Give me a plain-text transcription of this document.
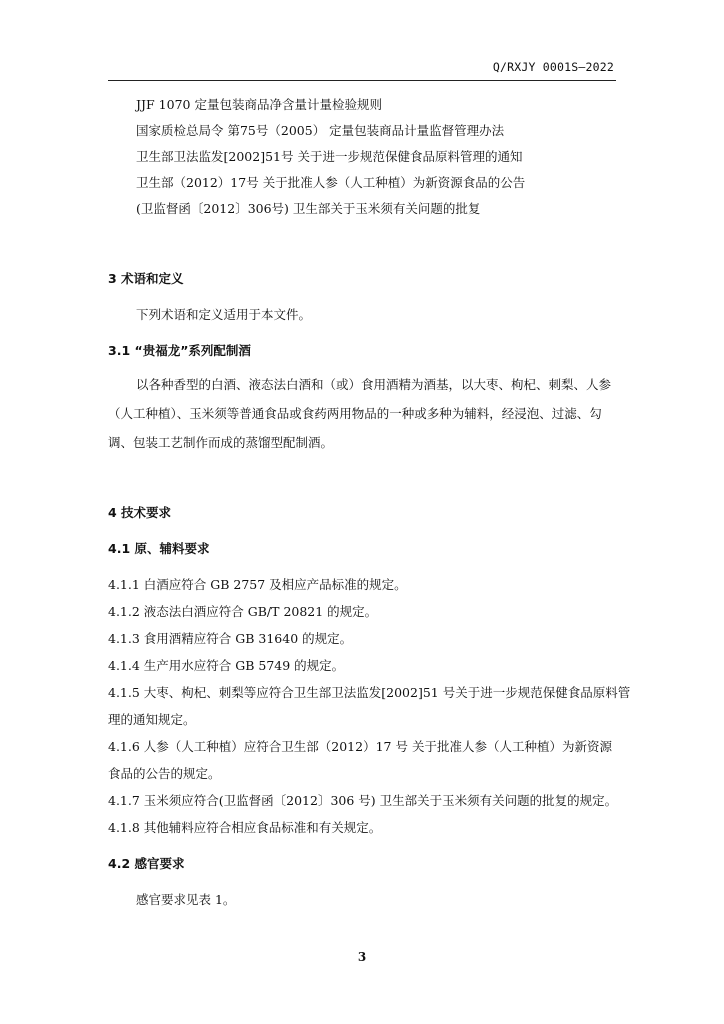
Q/RXJY 0001S—2022
JJF 1070 定量包装商品净含量计量检验规则
国家质检总局令 第75号（2005） 定量包装商品计量监督管理办法
卫生部卫法监发[2002]51号 关于进一步规范保健食品原料管理的通知
卫生部（2012）17号 关于批准人参（人工种植）为新资源食品的公告
(卫监督函〔2012〕306号) 卫生部关于玉米须有关问题的批复
3 术语和定义
下列术语和定义适用于本文件。
3.1 “贵福龙”系列配制酒
以各种香型的白酒、液态法白酒和（或）食用酒精为酒基，以大枣、枸杞、刺梨、人参
（人工种植）、玉米须等普通食品或食药两用物品的一种或多种为辅料，经浸泡、过滤、勾
调、包装工艺制作而成的蒸馏型配制酒。
4 技术要求
4.1 原、辅料要求
4.1.1 白酒应符合 GB 2757 及相应产品标准的规定。
4.1.2 液态法白酒应符合 GB/T 20821 的规定。
4.1.3 食用酒精应符合 GB 31640 的规定。
4.1.4 生产用水应符合 GB 5749 的规定。
4.1.5 大枣、枸杞、刺梨等应符合卫生部卫法监发[2002]51 号关于进一步规范保健食品原料管
理的通知规定。
4.1.6 人参（人工种植）应符合卫生部（2012）17 号 关于批准人参（人工种植）为新资源
食品的公告的规定。
4.1.7 玉米须应符合(卫监督函〔2012〕306 号) 卫生部关于玉米须有关问题的批复的规定。
4.1.8 其他辅料应符合相应食品标准和有关规定。
4.2 感官要求
感官要求见表 1。
3
